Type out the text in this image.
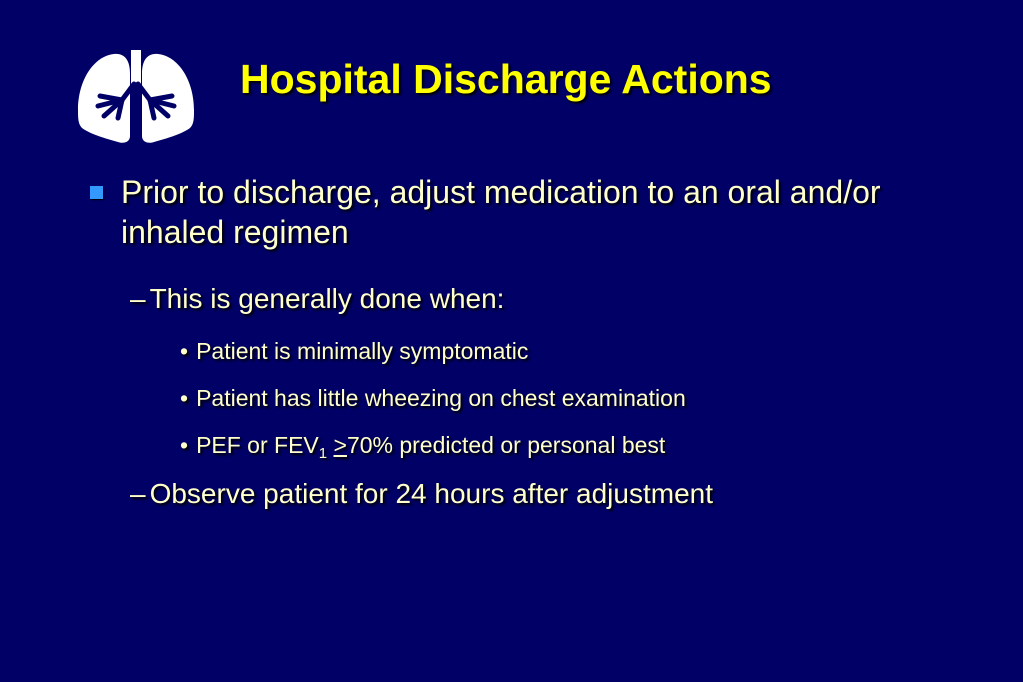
Hospital Discharge Actions
Prior to discharge, adjust medication to an oral and/or inhaled regimen
– This is generally done when:
• Patient is minimally symptomatic
• Patient has little wheezing on chest examination
• PEF or $FEV_1 \ge 70\%$ predicted or personal best
– Observe patient for 24 hours after adjustment
